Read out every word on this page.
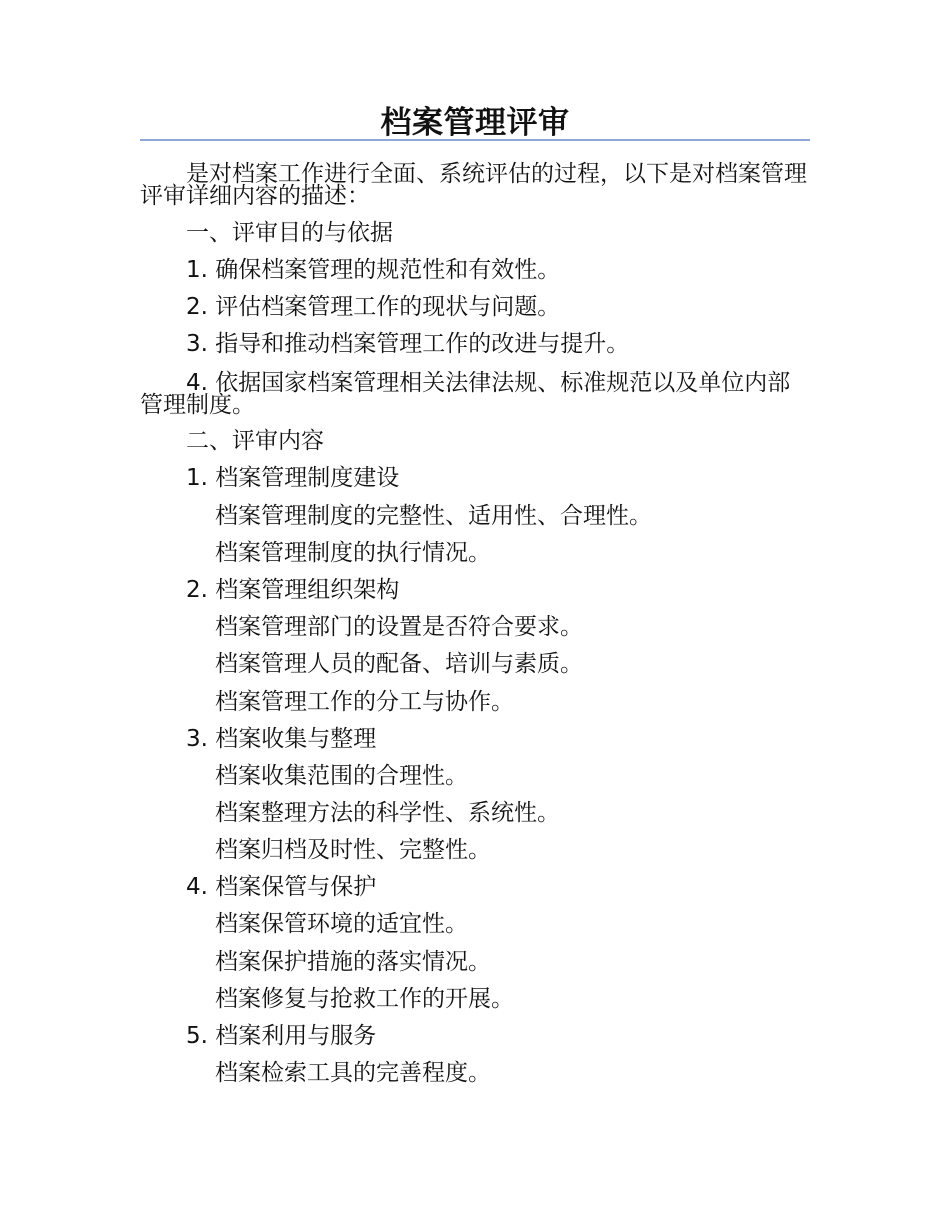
档案管理评审
是对档案工作进行全面、系统评估的过程，以下是对档案管理评审详细内容的描述：
一、评审目的与依据
1. 确保档案管理的规范性和有效性。
2. 评估档案管理工作的现状与问题。
3. 指导和推动档案管理工作的改进与提升。
4. 依据国家档案管理相关法律法规、标准规范以及单位内部管理制度。
二、评审内容
1. 档案管理制度建设
档案管理制度的完整性、适用性、合理性。
档案管理制度的执行情况。
2. 档案管理组织架构
档案管理部门的设置是否符合要求。
档案管理人员的配备、培训与素质。
档案管理工作的分工与协作。
3. 档案收集与整理
档案收集范围的合理性。
档案整理方法的科学性、系统性。
档案归档及时性、完整性。
4. 档案保管与保护
档案保管环境的适宜性。
档案保护措施的落实情况。
档案修复与抢救工作的开展。
5. 档案利用与服务
档案检索工具的完善程度。
